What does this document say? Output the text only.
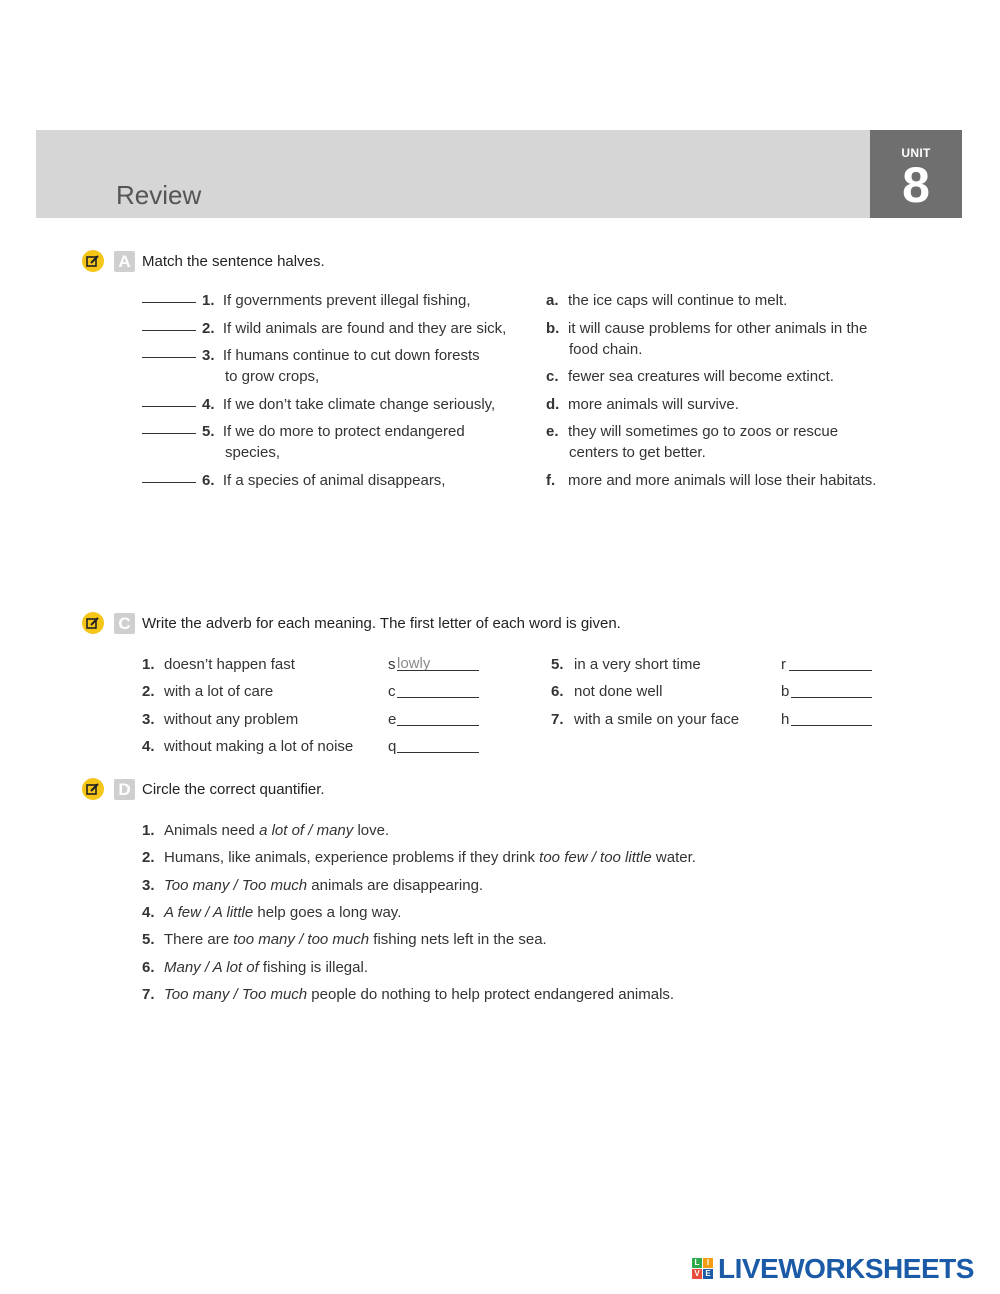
Review
UNIT
8
A Match the sentence halves.
1. If governments prevent illegal fishing,
2. If wild animals are found and they are sick,
3. If humans continue to cut down forests
to grow crops,
4. If we don’t take climate change seriously,
5. If we do more to protect endangered
species,
6. If a species of animal disappears,
a. the ice caps will continue to melt.
b. it will cause problems for other animals in the
food chain.
c. fewer sea creatures will become extinct.
d. more animals will survive.
e. they will sometimes go to zoos or rescue
centers to get better.
f. more and more animals will lose their habitats.
C Write the adverb for each meaning. The first letter of each word is given.
1. doesn’t happen fast	s lowly
2. with a lot of care	c
3. without any problem	e
4. without making a lot of noise q
5. in a very short time	r
6. not done well	b
7. with a smile on your face	h
D Circle the correct quantifier.
1. Animals need a lot of / many love.
2. Humans, like animals, experience problems if they drink too few / too little water.
3. Too many / Too much animals are disappearing.
4. A few / A little help goes a long way.
5. There are too many / too much fishing nets left in the sea.
6. Many / A lot of fishing is illegal.
7. Too many / Too much people do nothing to help protect endangered animals.
L I
V E LIVEWORKSHEETS
